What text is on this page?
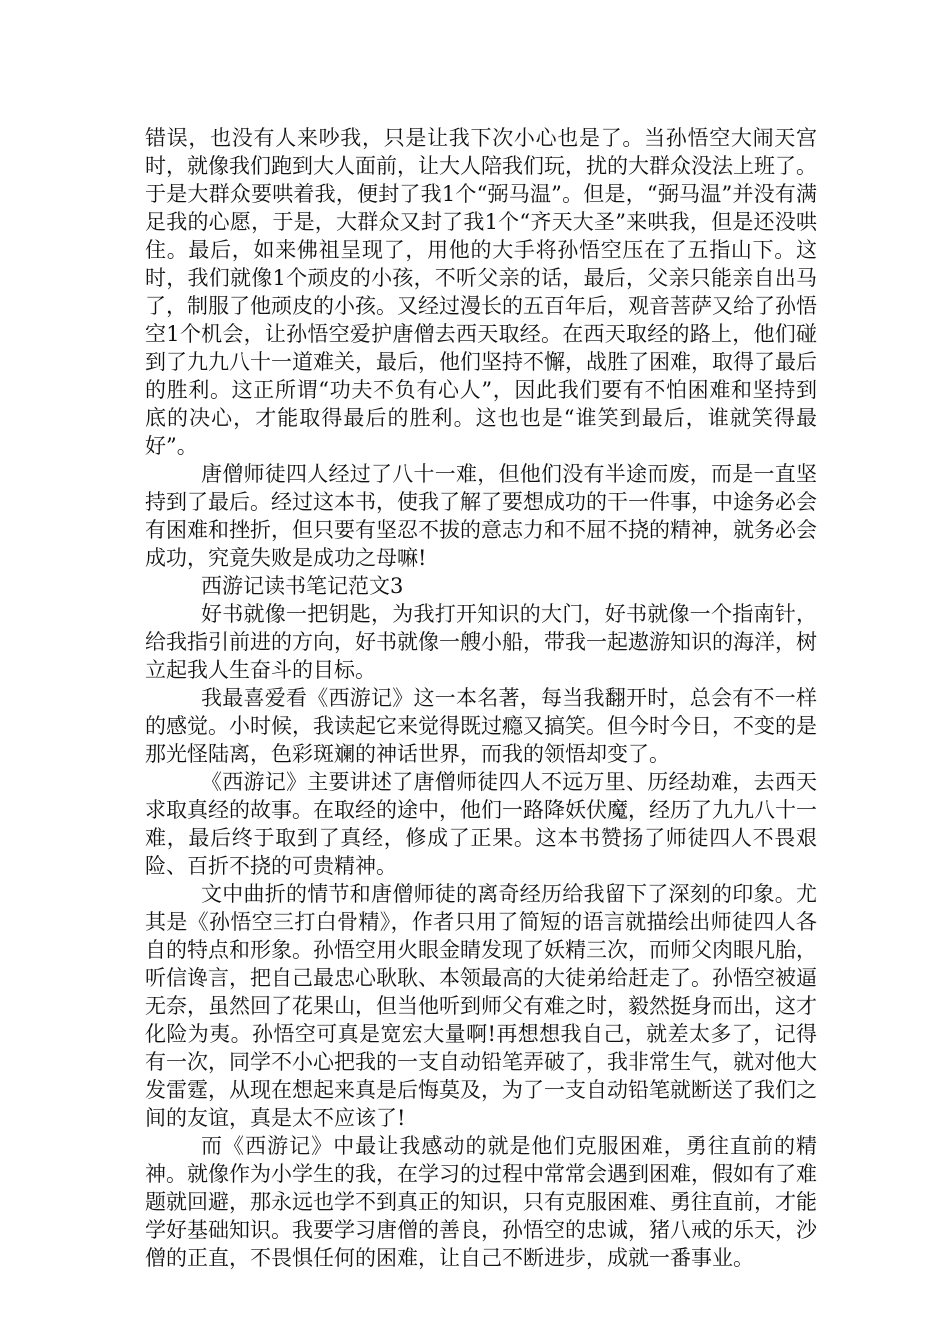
错误，也没有人来吵我，只是让我下次小心也是了。当孙悟空大闹天宫时，就像我们跑到大人面前，让大人陪我们玩，扰的大群众没法上班了。于是大群众要哄着我，便封了我1个“弼马温”。但是，“弼马温”并没有满足我的心愿，于是，大群众又封了我1个“齐天大圣”来哄我，但是还没哄住。最后，如来佛祖呈现了，用他的大手将孙悟空压在了五指山下。这时，我们就像1个顽皮的小孩，不听父亲的话，最后，父亲只能亲自出马了，制服了他顽皮的小孩。又经过漫长的五百年后，观音菩萨又给了孙悟空1个机会，让孙悟空爱护唐僧去西天取经。在西天取经的路上，他们碰到了九九八十一道难关，最后，他们坚持不懈，战胜了困难，取得了最后的胜利。这正所谓“功夫不负有心人”，因此我们要有不怕困难和坚持到底的决心，才能取得最后的胜利。这也也是“谁笑到最后，谁就笑得最好”。

唐僧师徒四人经过了八十一难，但他们没有半途而废，而是一直坚持到了最后。经过这本书，使我了解了要想成功的干一件事，中途务必会有困难和挫折，但只要有坚忍不拔的意志力和不屈不挠的精神，就务必会成功，究竟失败是成功之母嘛!

西游记读书笔记范文3

好书就像一把钥匙，为我打开知识的大门，好书就像一个指南针，给我指引前进的方向，好书就像一艘小船，带我一起遨游知识的海洋，树立起我人生奋斗的目标。

我最喜爱看《西游记》这一本名著，每当我翻开时，总会有不一样的感觉。小时候，我读起它来觉得既过瘾又搞笑。但今时今日，不变的是那光怪陆离，色彩斑斓的神话世界，而我的领悟却变了。

《西游记》主要讲述了唐僧师徒四人不远万里、历经劫难，去西天求取真经的故事。在取经的途中，他们一路降妖伏魔，经历了九九八十一难，最后终于取到了真经，修成了正果。这本书赞扬了师徒四人不畏艰险、百折不挠的可贵精神。

文中曲折的情节和唐僧师徒的离奇经历给我留下了深刻的印象。尤其是《孙悟空三打白骨精》，作者只用了简短的语言就描绘出师徒四人各自的特点和形象。孙悟空用火眼金睛发现了妖精三次，而师父肉眼凡胎，听信谗言，把自己最忠心耿耿、本领最高的大徒弟给赶走了。孙悟空被逼无奈，虽然回了花果山，但当他听到师父有难之时，毅然挺身而出，这才化险为夷。孙悟空可真是宽宏大量啊!再想想我自己，就差太多了，记得有一次，同学不小心把我的一支自动铅笔弄破了，我非常生气，就对他大发雷霆，从现在想起来真是后悔莫及，为了一支自动铅笔就断送了我们之间的友谊，真是太不应该了!

而《西游记》中最让我感动的就是他们克服困难，勇往直前的精神。就像作为小学生的我，在学习的过程中常常会遇到困难，假如有了难题就回避，那永远也学不到真正的知识，只有克服困难、勇往直前，才能学好基础知识。我要学习唐僧的善良，孙悟空的忠诚，猪八戒的乐天，沙僧的正直，不畏惧任何的困难，让自己不断进步，成就一番事业。
